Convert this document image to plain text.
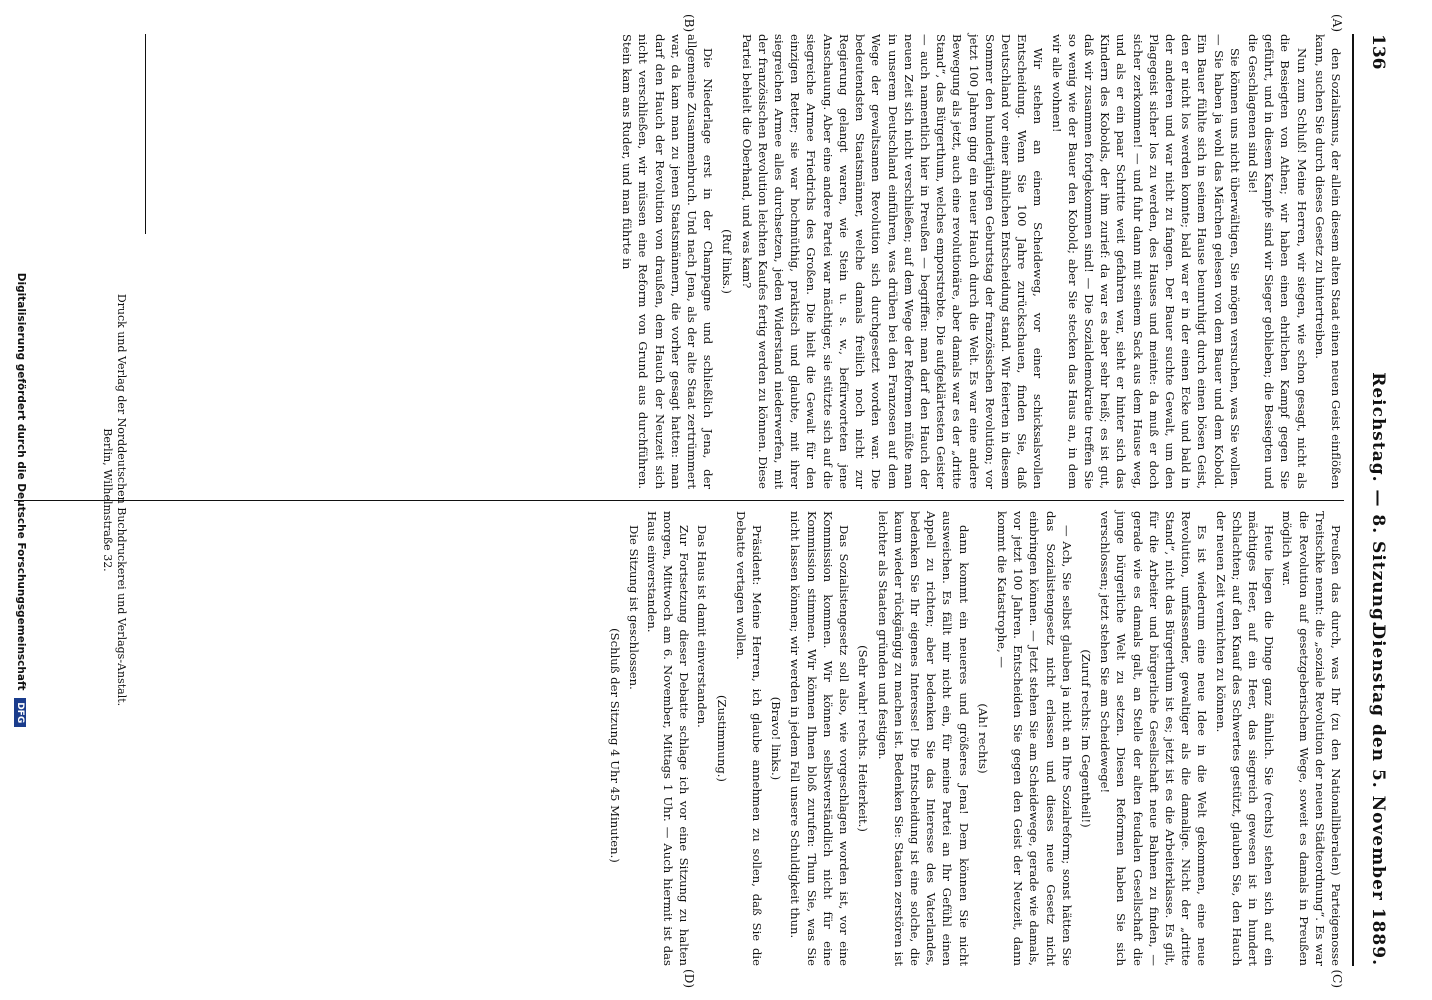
136
Reichstag. — 8. Sitzung.
Dienstag den 5. November 1889.
(A)
(B)
(C)
(D)

den Sozialismus, der allein diesem alten Staat einen neuen Geist einflößen kann, suchen Sie durch dieses Gesetz zu hintertreiben.

Nun zum Schluß! Meine Herren, wir siegen, wie schon gesagt, nicht als die Besiegten von Athen; wir haben einen ehrlichen Kampf gegen Sie geführt, und in diesem Kampfe sind wir Sieger geblieben; die Besiegten und die Geschlagenen sind Sie!

Sie können uns nicht überwältigen, Sie mögen versuchen, was Sie wollen. — Sie haben ja wohl das Märchen gelesen von dem Bauer und dem Kobold. Ein Bauer fühlte sich in seinem Hause beunruhigt durch einen bösen Geist, den er nicht los werden konnte; bald war er in der einen Ecke und bald in der anderen und war nicht zu fangen. Der Bauer suchte Gewalt, um den Plagegeist sicher los zu werden, des Hauses und meinte: da muß er doch sicher zerkommen! — und fuhr dann mit seinem Sack aus dem Hause weg, und als er ein paar Schritte weit gefahren war, sieht er hinter sich das Kindern des Kobolds, der ihm zurief: da war es aber sehr heiß; es ist gut, daß wir zusammen fortgekommen sind! — Die Sozialdemokratie treffen Sie so wenig wie der Bauer den Kobold; aber Sie stecken das Haus an, in dem wir alle wohnen!

Wir stehen an einem Scheideweg, vor einer schicksalsvollen Entscheidung. Wenn Sie 100 Jahre zurückschauen, finden Sie, daß Deutschland vor einer ähnlichen Entscheidung stand. Wir feierten in diesem Sommer den hundertjährigen Geburtstag der französischen Revolution; vor jetzt 100 Jahren ging ein neuer Hauch durch die Welt. Es war eine andere Bewegung als jetzt, auch eine revolutionäre, aber damals war es der „dritte Stand“, das Bürgerthum, welches emporstrebte. Die aufgeklärtesten Geister — auch namentlich hier in Preußen — begriffen: man darf den Hauch der neuen Zeit sich nicht verschließen; auf dem Wege der Reformen müßte man in unserem Deutschland einführen, was drüben bei den Franzosen auf dem Wege der gewaltsamen Revolution sich durchgesetzt worden war. Die bedeutendsten Staatsmänner, welche damals freilich noch nicht zur Regierung gelangt waren, wie Stein u. s. w., befürworteten jene Anschauung. Aber eine andere Partei war mächtiger, sie stützte sich auf die siegreiche Armee Friedrichs des Großen. Die hielt die Gewalt für den einzigen Retter; sie war hochmüthig, praktisch und glaubte, mit ihrer siegreichen Armee alles durchsetzen, jeden Widerstand niederwerfen, mit der französischen Revolution leichten Kaufes fertig werden zu können. Diese Partei behielt die Oberhand, und was kam?

(Ruf links.)

Die Niederlage erst in der Champagne und schließlich Jena, der allgemeine Zusammenbruch. Und nach Jena, als der alte Staat zertrümmert war, da kam man zu jenen Staatsmännern, die vorher gesagt hatten: man darf den Hauch der Revolution von draußen, dem Hauch der Neuzeit sich nicht verschließen, wir müssen eine Reform von Grund aus durchführen. Stein kam ans Ruder, und man führte in

Preußen das durch, was Ihr (zu den Nationalliberalen) Parteigenosse Treitschke nennt: die „soziale Revolution der neuen Städteordnung“. Es war die Revolution auf gesetzgeberischem Wege, soweit es damals in Preußen möglich war.

Heute liegen die Dinge ganz ähnlich. Sie (rechts) stehen sich auf ein mächtiges Heer, auf ein Heer, das siegreich gewesen ist in hundert Schlachten; auf den Knauf des Schwertes gestützt, glauben Sie, den Hauch der neuen Zeit vernichten zu können.

Es ist wiederum eine neue Idee in die Welt gekommen, eine neue Revolution, umfassender, gewaltiger als die damalige. Nicht der „dritte Stand“, nicht das Bürgerthum ist es; jetzt ist es die Arbeiterklasse. Es gilt, für die Arbeiter und bürgerliche Gesellschaft neue Bahnen zu finden, — gerade wie es damals galt, an Stelle der alten feudalen Gesellschaft die junge bürgerliche Welt zu setzen. Diesen Reformen haben Sie sich verschlossen; jetzt stehen Sie am Scheidewege!

(Zuruf rechts: Im Gegentheil!)

— Ach, Sie selbst glauben ja nicht an Ihre Sozialreform; sonst hätten Sie das Sozialistengesetz nicht erlassen und dieses neue Gesetz nicht einbringen können. — Jetzt stehen Sie am Scheidewege, gerade wie damals, vor jetzt 100 Jahren. Entscheiden Sie gegen den Geist der Neuzeit, dann kommt die Katastrophe, —

(Ah! rechts)

dann kommt ein neueres und größeres Jena! Dem können Sie nicht ausweichen. Es fällt mir nicht ein, für meine Partei an Ihr Gefühl einen Appell zu richten; aber bedenken Sie das Interesse des Vaterlandes, bedenken Sie Ihr eigenes Interesse! Die Entscheidung ist eine solche, die kaum wieder rückgängig zu machen ist. Bedenken Sie: Staaten zerstören ist leichter als Staaten gründen und festigen.

(Sehr wahr! rechts. Heiterkeit.)

Das Sozialistengesetz soll also, wie vorgeschlagen worden ist, vor eine Kommission kommen. Wir können selbstverständlich nicht für eine Kommission stimmen. Wir können Ihnen bloß zurufen: Thun Sie, was Sie nicht lassen können; wir werden in jedem Fall unsere Schuldigkeit thun.

(Bravo! links.)

Präsident: Meine Herren, ich glaube annehmen zu sollen, daß Sie die Debatte vertagen wollen.

(Zustimmung.)

Das Haus ist damit einverstanden.

Zur Fortsetzung dieser Debatte schlage ich vor eine Sitzung zu halten morgen, Mittwoch am 6. November, Mittags 1 Uhr. — Auch hiermit ist das Haus einverstanden.

Die Sitzung ist geschlossen.

(Schluß der Sitzung 4 Uhr 45 Minuten.)

Druck und Verlag der Norddeutschen Buchdruckerei und Verlags-Anstalt.
Berlin, Wilhelmstraße 32.
Digitalisierung gefördert durch die Deutsche Forschungsgemeinschaft DFG
